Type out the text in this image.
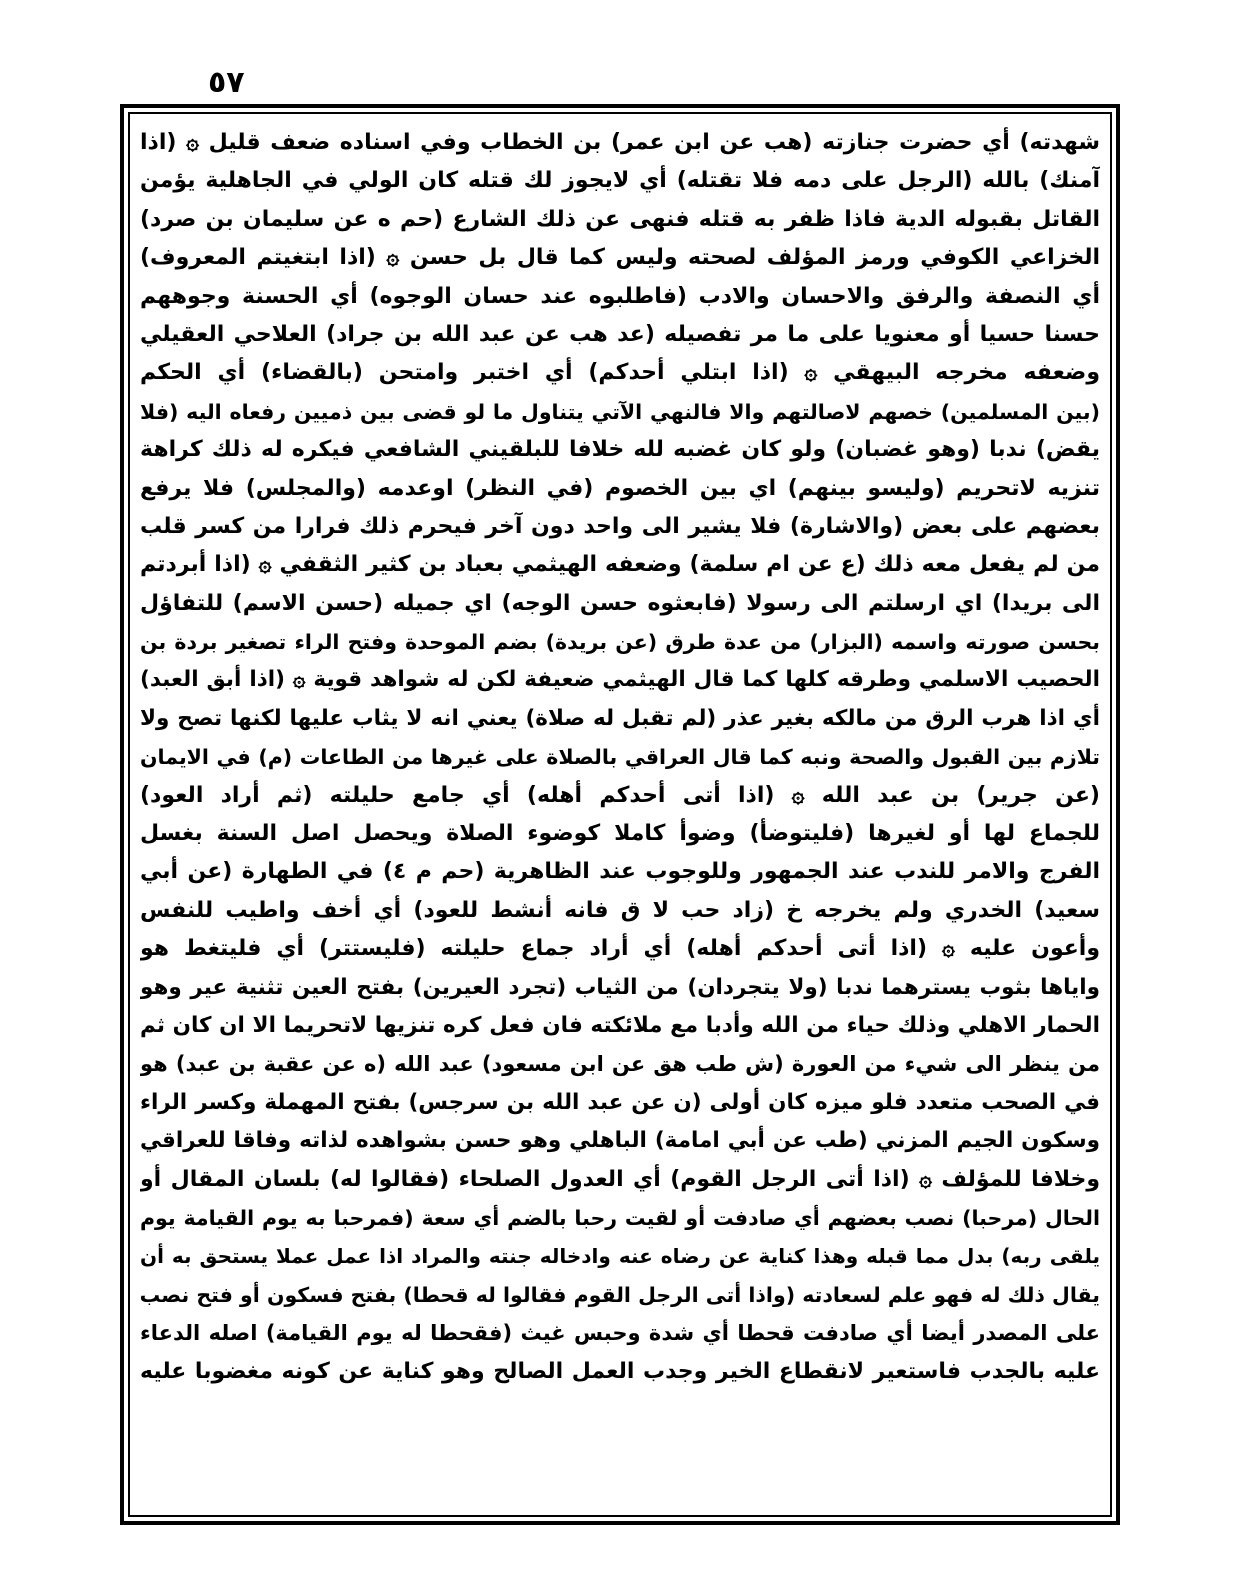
٥٧
شهدته) أي حضرت جنازته (هب عن ابن عمر) بن الخطاب وفي اسناده ضعف قليل ۞ (اذا
آمنك) بالله (الرجل على دمه فلا تقتله) أي لايجوز لك قتله كان الولي في الجاهلية يؤمن
القاتل بقبوله الدية فاذا ظفر به قتله فنهى عن ذلك الشارع (حم ه عن سليمان بن صرد)
الخزاعي الكوفي ورمز المؤلف لصحته وليس كما قال بل حسن ۞ (اذا ابتغيتم المعروف)
أي النصفة والرفق والاحسان والادب (فاطلبوه عند حسان الوجوه) أي الحسنة وجوههم
حسنا حسيا أو معنويا على ما مر تفصيله (عد هب عن عبد الله بن جراد) العلاحي العقيلي
وضعفه مخرجه البيهقي ۞ (اذا ابتلي أحدكم) أي اختبر وامتحن (بالقضاء) أي الحكم
(بين المسلمين) خصهم لاصالتهم والا فالنهي الآتي يتناول ما لو قضى بين ذميين رفعاه اليه (فلا
يقض) ندبا (وهو غضبان) ولو كان غضبه لله خلافا للبلقيني الشافعي فيكره له ذلك كراهة
تنزيه لاتحريم (وليسو بينهم) اي بين الخصوم (في النظر) اوعدمه (والمجلس) فلا يرفع
بعضهم على بعض (والاشارة) فلا يشير الى واحد دون آخر فيحرم ذلك فرارا من كسر قلب
من لم يفعل معه ذلك (ع عن ام سلمة) وضعفه الهيثمي بعباد بن كثير الثقفي ۞ (اذا أبردتم
الى بريدا) اي ارسلتم الى رسولا (فابعثوه حسن الوجه) اي جميله (حسن الاسم) للتفاؤل
بحسن صورته واسمه (البزار) من عدة طرق (عن بريدة) بضم الموحدة وفتح الراء تصغير بردة بن
الحصيب الاسلمي وطرقه كلها كما قال الهيثمي ضعيفة لكن له شواهد قوية ۞ (اذا أبق العبد)
أي اذا هرب الرق من مالكه بغير عذر (لم تقبل له صلاة) يعني انه لا يثاب عليها لكنها تصح ولا
تلازم بين القبول والصحة ونبه كما قال العراقي بالصلاة على غيرها من الطاعات (م) في الايمان
(عن جرير) بن عبد الله ۞ (اذا أتى أحدكم أهله) أي جامع حليلته (ثم أراد العود)
للجماع لها أو لغيرها (فليتوضأ) وضوأ كاملا كوضوء الصلاة ويحصل اصل السنة بغسل
الفرج والامر للندب عند الجمهور وللوجوب عند الظاهرية (حم م ٤) في الطهارة (عن أبي
سعيد) الخدري ولم يخرجه خ (زاد حب لا ق فانه أنشط للعود) أي أخف واطيب للنفس
وأعون عليه ۞ (اذا أتى أحدكم أهله) أي أراد جماع حليلته (فليستتر) أي فليتغط هو
واياها بثوب يسترهما ندبا (ولا يتجردان) من الثياب (تجرد العيرين) بفتح العين تثنية عير وهو
الحمار الاهلي وذلك حياء من الله وأدبا مع ملائكته فان فعل كره تنزيها لاتحريما الا ان كان ثم
من ينظر الى شيء من العورة (ش طب هق عن ابن مسعود) عبد الله (ه عن عقبة بن عبد) هو
في الصحب متعدد فلو ميزه كان أولى (ن عن عبد الله بن سرجس) بفتح المهملة وكسر الراء
وسكون الجيم المزني (طب عن أبي امامة) الباهلي وهو حسن بشواهده لذاته وفاقا للعراقي
وخلافا للمؤلف ۞ (اذا أتى الرجل القوم) أي العدول الصلحاء (فقالوا له) بلسان المقال أو
الحال (مرحبا) نصب بعضهم أي صادفت أو لقيت رحبا بالضم أي سعة (فمرحبا به يوم القيامة يوم
يلقى ربه) بدل مما قبله وهذا كناية عن رضاه عنه وادخاله جنته والمراد اذا عمل عملا يستحق به أن
يقال ذلك له فهو علم لسعادته (واذا أتى الرجل القوم فقالوا له قحطا) بفتح فسكون أو فتح نصب
على المصدر أيضا أي صادفت قحطا أي شدة وحبس غيث (فقحطا له يوم القيامة) اصله الدعاء
عليه بالجدب فاستعير لانقطاع الخير وجدب العمل الصالح وهو كناية عن كونه مغضوبا عليه
